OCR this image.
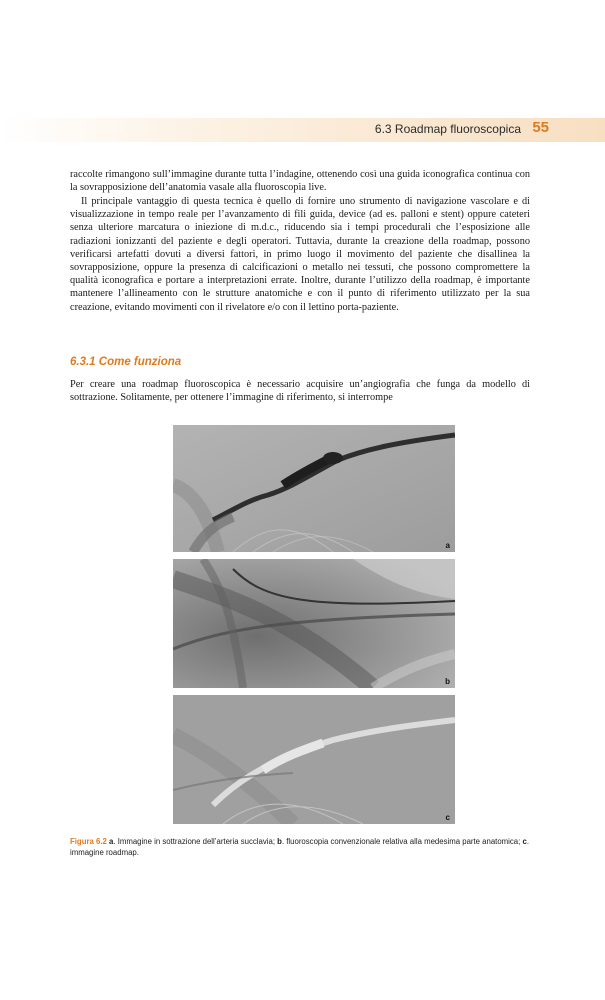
6.3 Roadmap fluoroscopica 55

raccolte rimangono sull’immagine durante tutta l’indagine, ottenendo così una guida iconografica continua con la sovrapposizione dell’anatomia vasale alla fluoroscopia live.

Il principale vantaggio di questa tecnica è quello di fornire uno strumento di navigazione vascolare e di visualizzazione in tempo reale per l’avanzamento di fili guida, device (ad es. palloni e stent) oppure cateteri senza ulteriore marcatura o iniezione di m.d.c., riducendo sia i tempi procedurali che l’esposizione alle radiazioni ionizzanti del paziente e degli operatori. Tuttavia, durante la creazione della roadmap, possono verificarsi artefatti dovuti a diversi fattori, in primo luogo il movimento del paziente che disallinea la sovrapposizione, oppure la presenza di calcificazioni o metallo nei tessuti, che possono compromettere la qualità iconografica e portare a interpretazioni errate. Inoltre, durante l’utilizzo della roadmap, è importante mantenere l’allineamento con le strutture anatomiche e con il punto di riferimento utilizzato per la sua creazione, evitando movimenti con il rivelatore e/o con il lettino porta-paziente.

6.3.1 Come funziona

Per creare una roadmap fluoroscopica è necessario acquisire un’angiografia che funga da modello di sottrazione. Solitamente, per ottenere l’immagine di riferimento, si interrompe

a
b
c

Figura 6.2 a. Immagine in sottrazione dell’arteria succlavia; b. fluoroscopia convenzionale relativa alla medesima parte anatomica; c. immagine roadmap.
